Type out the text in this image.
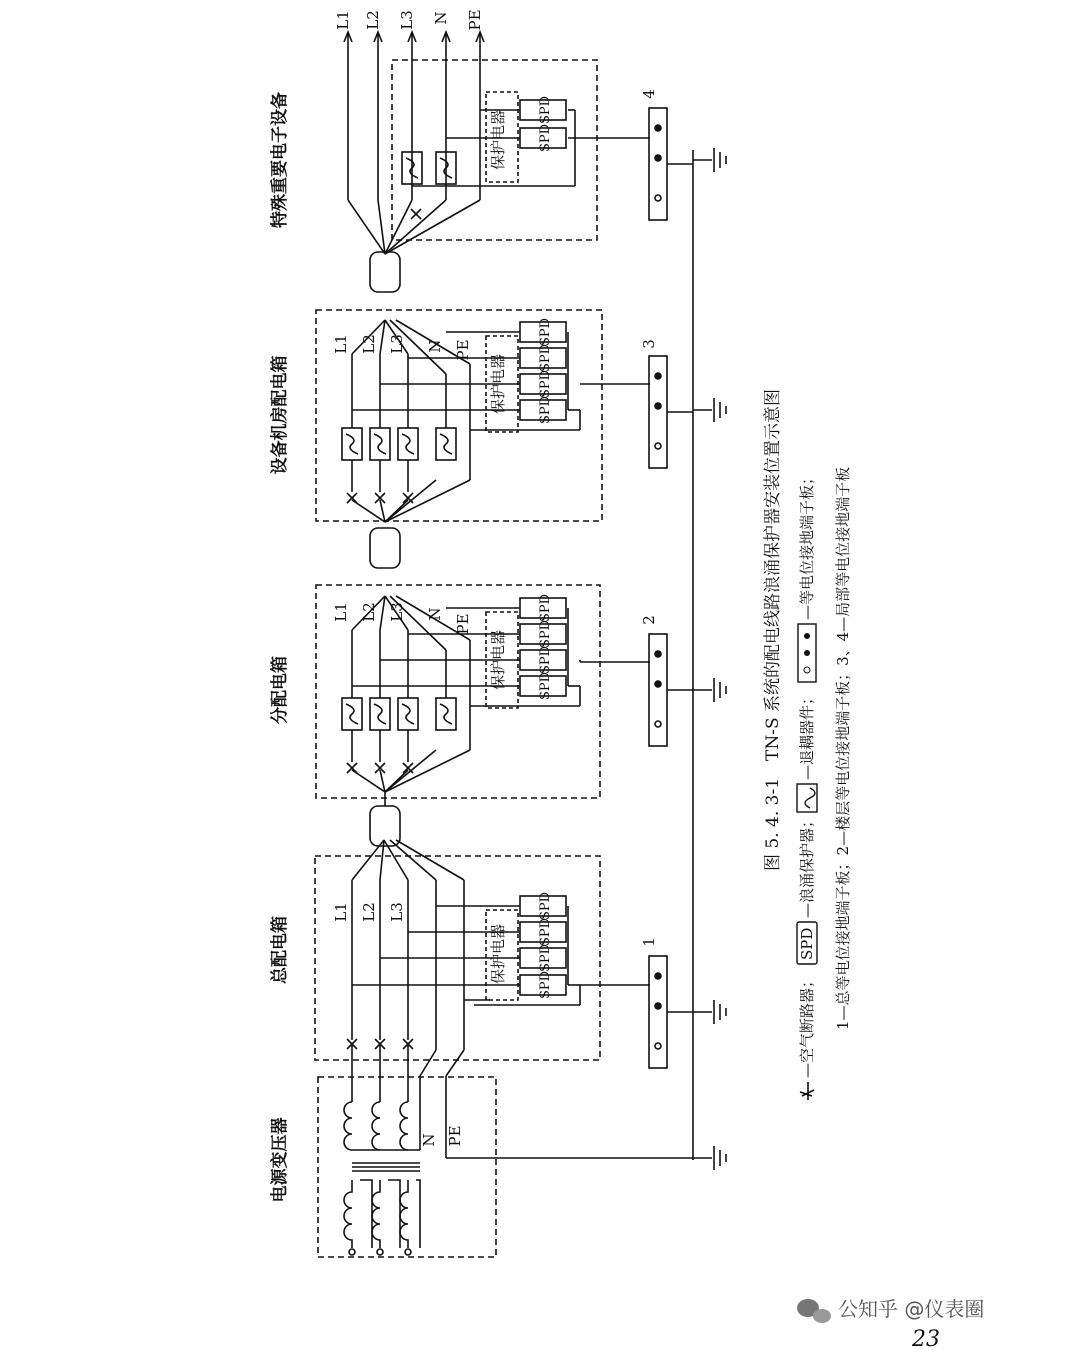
SPD
SPD
SPD
SPD
SPD
SPD
SPD
SPD
SPD
SPD
SPD
SPD
SPD
SPD
电源变压器
总配电箱
分配电箱
设备机房配电箱
特殊重要电子设备
N PE
L1 L2 L3
L1 L2 L3 N PE
L1 L2 L3 N PE
L1 L2 L3 N PE
保护电器
保护电器
保护电器
保护电器
1
2
3
4
图 5. 4. 3-1　TN-S 系统的配电线路浪涌保护器安装位置示意图
—空气断路器；
SPD
—浪涌保护器；
—退耦器件；
—等电位接地端子板； 1—总等电位接地端子板；2—楼层等电位接地端子板；3、4—局部等电位接地端子板
公知乎 @仪表圈
23
